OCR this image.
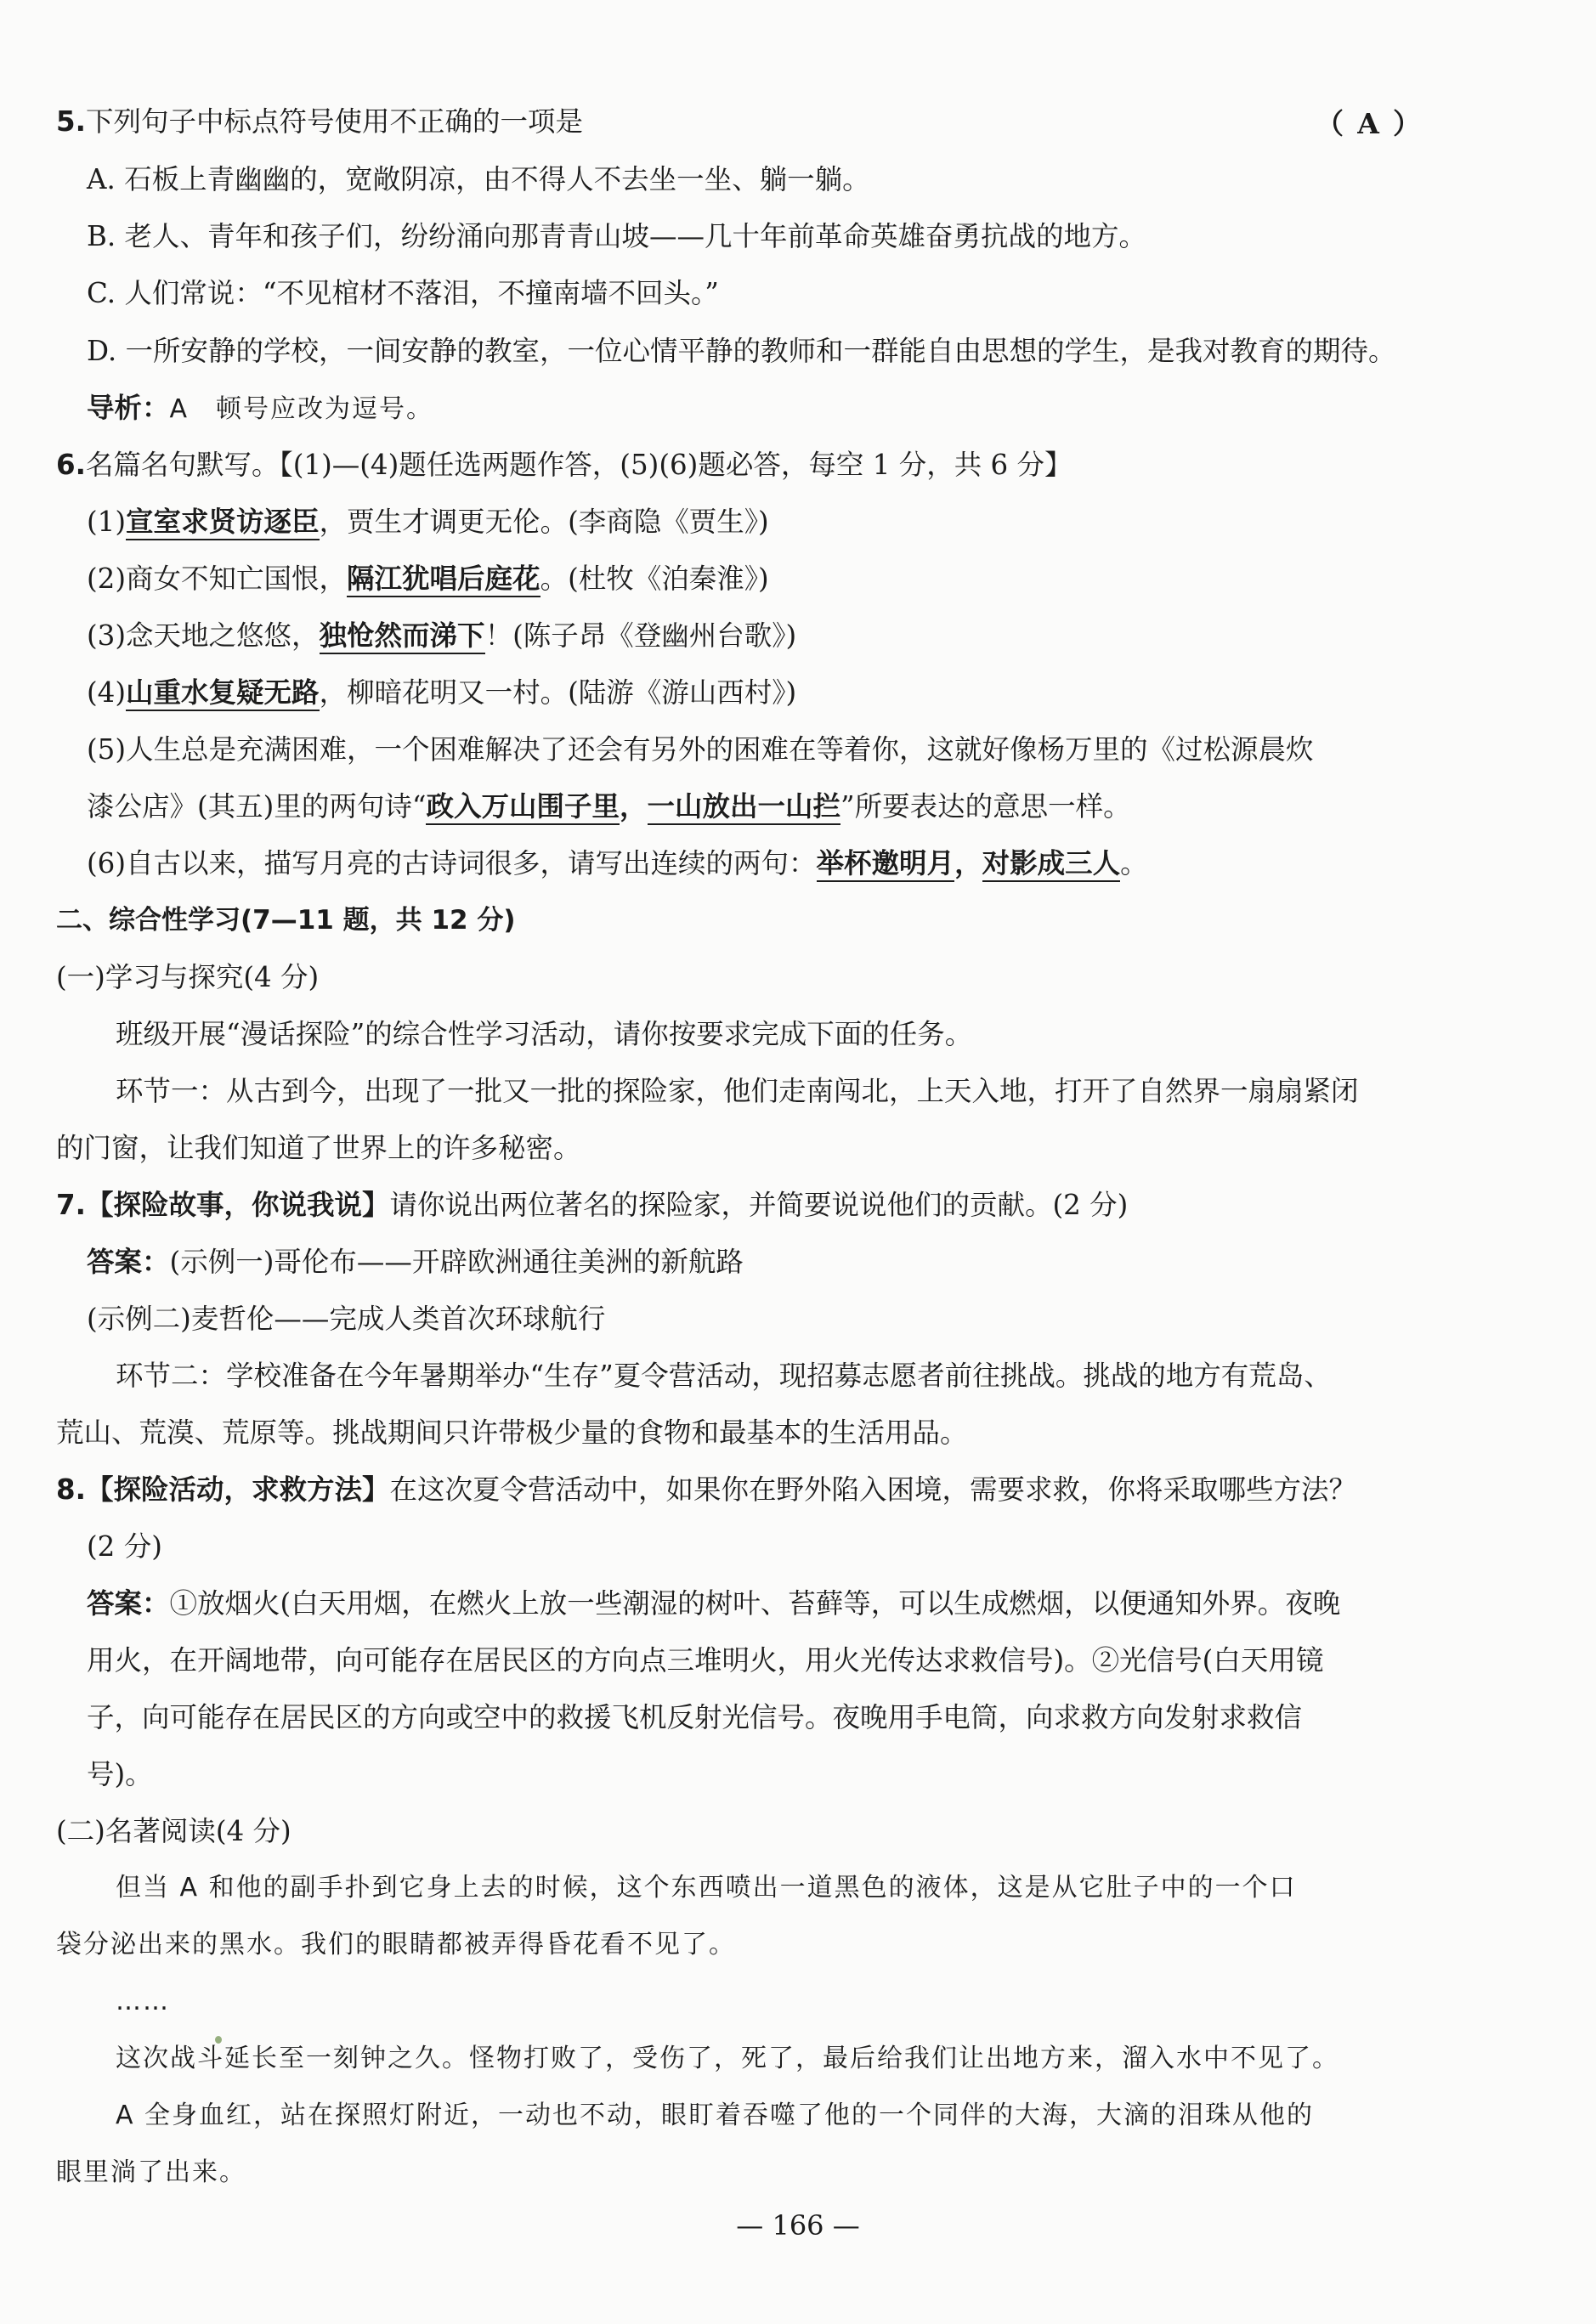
5.下列句子中标点符号使用不正确的一项是	（ A ）
A. 石板上青幽幽的，宽敞阴凉，由不得人不去坐一坐、躺一躺。
B. 老人、青年和孩子们，纷纷涌向那青青山坡——几十年前革命英雄奋勇抗战的地方。
C. 人们常说：“不见棺材不落泪，不撞南墙不回头。”
D. 一所安静的学校，一间安静的教室，一位心情平静的教师和一群能自由思想的学生，是我对教育的期待。
导析：A　顿号应改为逗号。
6.名篇名句默写。【(1)—(4)题任选两题作答，(5)(6)题必答，每空 1 分，共 6 分】
(1)宣室求贤访逐臣，贾生才调更无伦。(李商隐《贾生》)
(2)商女不知亡国恨，隔江犹唱后庭花。(杜牧《泊秦淮》)
(3)念天地之悠悠，独怆然而涕下！(陈子昂《登幽州台歌》)
(4)山重水复疑无路，柳暗花明又一村。(陆游《游山西村》)
(5)人生总是充满困难，一个困难解决了还会有另外的困难在等着你，这就好像杨万里的《过松源晨炊
漆公店》(其五)里的两句诗“政入万山围子里，一山放出一山拦”所要表达的意思一样。
(6)自古以来，描写月亮的古诗词很多，请写出连续的两句：举杯邀明月，对影成三人。
二、综合性学习(7—11 题，共 12 分)
(一)学习与探究(4 分)
班级开展“漫话探险”的综合性学习活动，请你按要求完成下面的任务。
环节一：从古到今，出现了一批又一批的探险家，他们走南闯北，上天入地，打开了自然界一扇扇紧闭
的门窗，让我们知道了世界上的许多秘密。
7.【探险故事，你说我说】请你说出两位著名的探险家，并简要说说他们的贡献。(2 分)
答案：(示例一)哥伦布——开辟欧洲通往美洲的新航路
(示例二)麦哲伦——完成人类首次环球航行
环节二：学校准备在今年暑期举办“生存”夏令营活动，现招募志愿者前往挑战。挑战的地方有荒岛、
荒山、荒漠、荒原等。挑战期间只许带极少量的食物和最基本的生活用品。
8.【探险活动，求救方法】在这次夏令营活动中，如果你在野外陷入困境，需要求救，你将采取哪些方法？
(2 分)
答案：①放烟火(白天用烟，在燃火上放一些潮湿的树叶、苔藓等，可以生成燃烟，以便通知外界。夜晚
用火，在开阔地带，向可能存在居民区的方向点三堆明火，用火光传达求救信号)。②光信号(白天用镜
子，向可能存在居民区的方向或空中的救援飞机反射光信号。夜晚用手电筒，向求救方向发射求救信
号)。
(二)名著阅读(4 分)
但当 A 和他的副手扑到它身上去的时候，这个东西喷出一道黑色的液体，这是从它肚子中的一个口
袋分泌出来的黑水。我们的眼睛都被弄得昏花看不见了。
……
这次战斗延长至一刻钟之久。怪物打败了，受伤了，死了，最后给我们让出地方来，溜入水中不见了。
A 全身血红，站在探照灯附近，一动也不动，眼盯着吞噬了他的一个同伴的大海，大滴的泪珠从他的
眼里淌了出来。
— 166 —
